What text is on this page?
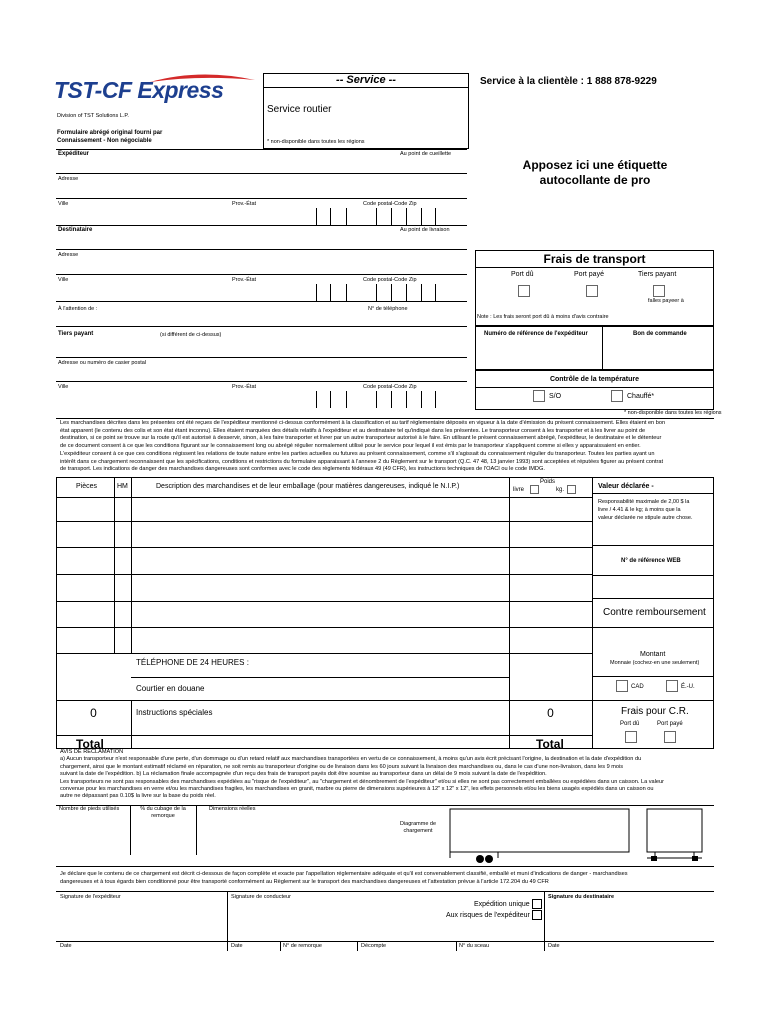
TST-CF Express
Division of TST Solutions L.P.
Formulaire abrégé original fourni par
Connaissement - Non négociable
-- Service --
Service routier
* non-disponible dans toutes les régions
Service à la clientèle : 1 888 878-9229
Expéditeur	Au point de cueillette
Adresse
Ville	Prov.-État	Code postal-Code Zip
Apposez ici une étiquette
autocollante de pro
Destinataire	Au point de livraison
Adresse
Ville	Prov.-État	Code postal-Code Zip
À l'attention de :	N° de téléphone
Frais de transport
Port dû	Port payé	Tiers payant
falles payeer à
Note : Les frais seront port dû à moins d'avis contraire
Tiers payant	(si différent de ci-dessus)
Adresse ou numéro de casier postal
Ville	Prov.-État	Code postal-Code Zip
Numéro de référence de l'expéditeur	Bon de commande
Contrôle de la température
S/O	Chauffé*
* non-disponible dans toutes les régions
Les marchandises décrites dans les présentes ont été reçues de l'expéditeur mentionné ci-dessus conformément à la classification et au tarif réglementaire déposés en vigueur à la date d'émission du présent connaissement. Elles étaient en bon
état apparent (le contenu des colis et son état étant inconnu). Elles étaient marquées des détails relatifs à l'expéditeur et au destinataire tel qu'indiqué dans les présentes. Le transporteur consent à les transporter et à les livrer au point de
destination, si ce point se trouve sur la route qu'il est autorisé à desservir, sinon, à les faire transporter et livrer par un autre transporteur autorisé à le faire. En utilisant le présent connaissement abrégé, l'expéditeur, le destinataire et le détenteur
de ce document consent à ce que les conditions figurant sur le connaissement long ou abrégé régulier normalement utilisé pour le service pour lequel il est émis par le transporteur s'appliquent comme si elles y apparaissaient en entier.
L'expéditeur consent à ce que ces conditions régissent les relations de toute nature entre les parties actuelles ou futures au présent connaissement, comme s'il s'agissait du connaissement régulier du transporteur. Toutes les parties ayant un
intérêt dans ce chargement reconnaissent que les spécifications, conditions et restrictions du formulaire apparaissant à l'annexe 2 du Règlement sur le transport (Q.C. 47 48, 13 janvier 1993) sont acceptées et réputées figurer au présent contrat
de transport. Les indications de danger des marchandises dangereuses sont conformes avec le code des règlements fédéraux 49 (49 CFR), les instructions techniques de l'OACI ou le code IMDG.
Pièces	HM	Description des marchandises et de leur emballage (pour matières dangereuses, indiqué le N.I.P.)
Poids
livre	kg.
TÉLÉPHONE DE 24 HEURES :
Courtier en douane
Instructions spéciales
0	0
Total	Total
Valeur déclarée -
Responsabilité maximale de 2,00 $ la
livre / 4.41 & le kg; à moins que la
valeur déclarée ne stipule autre chose.
N° de référence WEB
Contre remboursement
Montant
Monnaie (cochez-en une seulement)
CAD	É.-U.
Frais pour C.R.
Port dû	Port payé
AVIS DE RÉCLAMATION
a) Aucun transporteur n'est responsable d'une perte, d'un dommage ou d'un retard relatif aux marchandises transportées en vertu de ce connaissement, à moins qu'un avis écrit précisant l'origine, la destination et la date d'expédition du
chargement, ainsi que le montant estimatif réclamé en réparation, ne soit remis au transporteur d'origine ou de livraison dans les 60 jours suivant la livraison des marchandises ou, dans le cas d'une non-livraison, dans les 9 mois
suivant la date de l'expédition. b) La réclamation finale accompagnée d'un reçu des frais de transport payés doit être soumise au transporteur dans un délai de 9 mois suivant la date de l'expédition.
Les transporteurs ne sont pas responsables des marchandises expédiées au "risque de l'expéditeur", au "chargement et dénombrement de l'expéditeur" et/ou si elles ne sont pas correctement emballées ou expédiées dans un caisson. La valeur
convenue pour les marchandises en verre et/ou les marchandises fragiles, les marchandises en granit, marbre ou pierre de dimensions supérieures à 12" x 12" x 12", les effets personnels et/ou les biens usagés expédiés dans un caisson ou
autre ne dépassant pas 0.10$ la livre sur la base du poids réel.
Nombre de pieds utilisés	% du cubage de la
remorque
Dimensions réelles
Diagramme de
chargement
Je déclare que le contenu de ce chargement est décrit ci-dessous de façon complète et exacte par l'appellation réglementaire adéquate et qu'il est convenablement classifié, emballé et muni d'indications de danger - marchandises
dangereuses et à tous égards bien conditionné pour être transporté conformément au Règlement sur le transport des marchandises dangereuses et l'attestation prévue à l'article 172.204 du 49 CFR
Signature de l'expéditeur	Signature de conducteur	Signature du destinataire
Expédition unique
Aux risques de l'expéditeur
Date	Date	N° de remorque	Décompte	N° du sceau	Date
